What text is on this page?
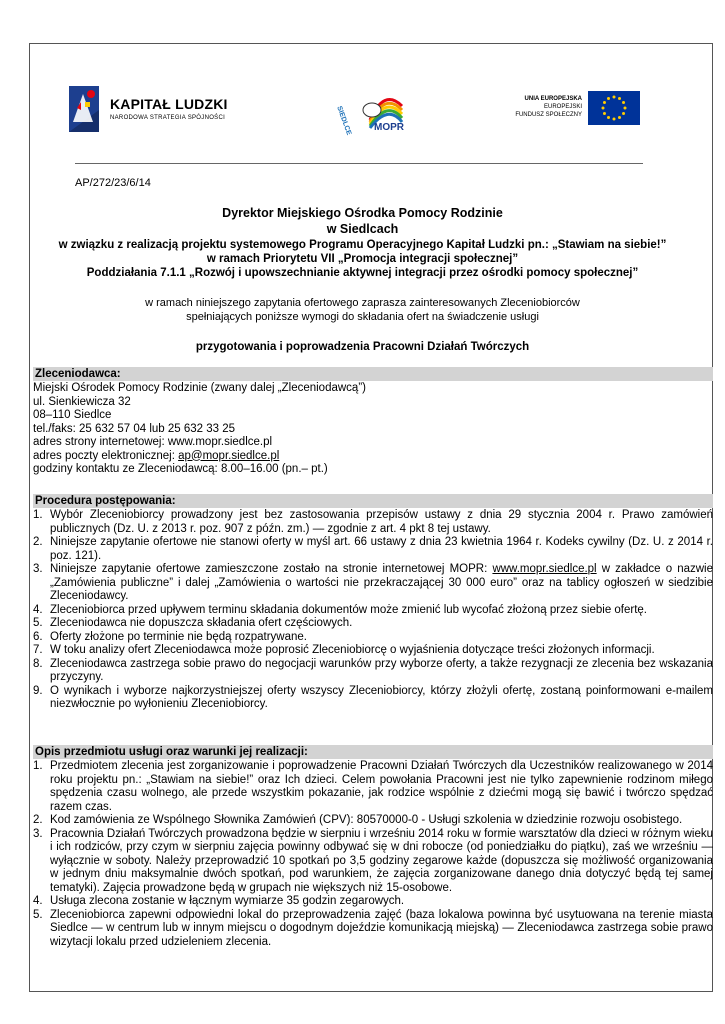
KAPITAŁ LUDZKI
NARODOWA STRATEGIA SPÓJNOŚCI	SIEDLCE MOPR
UNIA EUROPEJSKA
EUROPEJSKI
FUNDUSZ SPOŁECZNY
AP/272/23/6/14
Dyrektor Miejskiego Ośrodka Pomocy Rodzinie
w Siedlcach
w związku z realizacją projektu systemowego Programu Operacyjnego Kapitał Ludzki pn.: „Stawiam na siebie!”
w ramach Priorytetu VII „Promocja integracji społecznej”
Poddziałania 7.1.1 „Rozwój i upowszechnianie aktywnej integracji przez ośrodki pomocy społecznej”
w ramach niniejszego zapytania ofertowego zaprasza zainteresowanych Zleceniobiorców
spełniających poniższe wymogi do składania ofert na świadczenie usługi
przygotowania i poprowadzenia Pracowni Działań Twórczych
Zleceniodawca:
Miejski Ośrodek Pomocy Rodzinie (zwany dalej „Zleceniodawcą”)
ul. Sienkiewicza 32
08–110 Siedlce
tel./faks: 25 632 57 04 lub 25 632 33 25
adres strony internetowej: www.mopr.siedlce.pl
adres poczty elektronicznej: ap@mopr.siedlce.pl
godziny kontaktu ze Zleceniodawcą: 8.00–16.00 (pn.– pt.)
Procedura postępowania:
1. Wybór Zleceniobiorcy prowadzony jest bez zastosowania przepisów ustawy z dnia 29 stycznia 2004 r. Prawo zamówień publicznych (Dz. U. z 2013 r. poz. 907 z późn. zm.) — zgodnie z art. 4 pkt 8 tej ustawy.
2. Niniejsze zapytanie ofertowe nie stanowi oferty w myśl art. 66 ustawy z dnia 23 kwietnia 1964 r. Kodeks cywilny (Dz. U. z 2014 r. poz. 121).
3. Niniejsze zapytanie ofertowe zamieszczone zostało na stronie internetowej MOPR: www.mopr.siedlce.pl w zakładce o nazwie „Zamówienia publiczne” i dalej „Zamówienia o wartości nie przekraczającej 30 000 euro” oraz na tablicy ogłoszeń w siedzibie Zleceniodawcy.
4. Zleceniobiorca przed upływem terminu składania dokumentów może zmienić lub wycofać złożoną przez siebie ofertę.
5. Zleceniodawca nie dopuszcza składania ofert częściowych.
6. Oferty złożone po terminie nie będą rozpatrywane.
7. W toku analizy ofert Zleceniodawca może poprosić Zleceniobiorcę o wyjaśnienia dotyczące treści złożonych informacji.
8. Zleceniodawca zastrzega sobie prawo do negocjacji warunków przy wyborze oferty, a także rezygnacji ze zlecenia bez wskazania przyczyny.
9. O wynikach i wyborze najkorzystniejszej oferty wszyscy Zleceniobiorcy, którzy złożyli ofertę, zostaną poinformowani e-mailem niezwłocznie po wyłonieniu Zleceniobiorcy.
Opis przedmiotu usługi oraz warunki jej realizacji:
1. Przedmiotem zlecenia jest zorganizowanie i poprowadzenie Pracowni Działań Twórczych dla Uczestników realizowanego w 2014 roku projektu pn.: „Stawiam na siebie!” oraz Ich dzieci. Celem powołania Pracowni jest nie tylko zapewnienie rodzinom miłego spędzenia czasu wolnego, ale przede wszystkim pokazanie, jak rodzice wspólnie z dziećmi mogą się bawić i twórczo spędzać razem czas.
2. Kod zamówienia ze Wspólnego Słownika Zamówień (CPV): 80570000-0 - Usługi szkolenia w dziedzinie rozwoju osobistego.
3. Pracownia Działań Twórczych prowadzona będzie w sierpniu i wrześniu 2014 roku w formie warsztatów dla dzieci w różnym wieku i ich rodziców, przy czym w sierpniu zajęcia powinny odbywać się w dni robocze (od poniedziałku do piątku), zaś we wrześniu — wyłącznie w soboty. Należy przeprowadzić 10 spotkań po 3,5 godziny zegarowe każde (dopuszcza się możliwość organizowania w jednym dniu maksymalnie dwóch spotkań, pod warunkiem, że zajęcia zorganizowane danego dnia dotyczyć będą tej samej tematyki). Zajęcia prowadzone będą w grupach nie większych niż 15-osobowe.
4. Usługa zlecona zostanie w łącznym wymiarze 35 godzin zegarowych.
5. Zleceniobiorca zapewni odpowiedni lokal do przeprowadzenia zajęć (baza lokalowa powinna być usytuowana na terenie miasta Siedlce — w centrum lub w innym miejscu o dogodnym dojeździe komunikacją miejską) — Zleceniodawca zastrzega sobie prawo wizytacji lokalu przed udzieleniem zlecenia.
